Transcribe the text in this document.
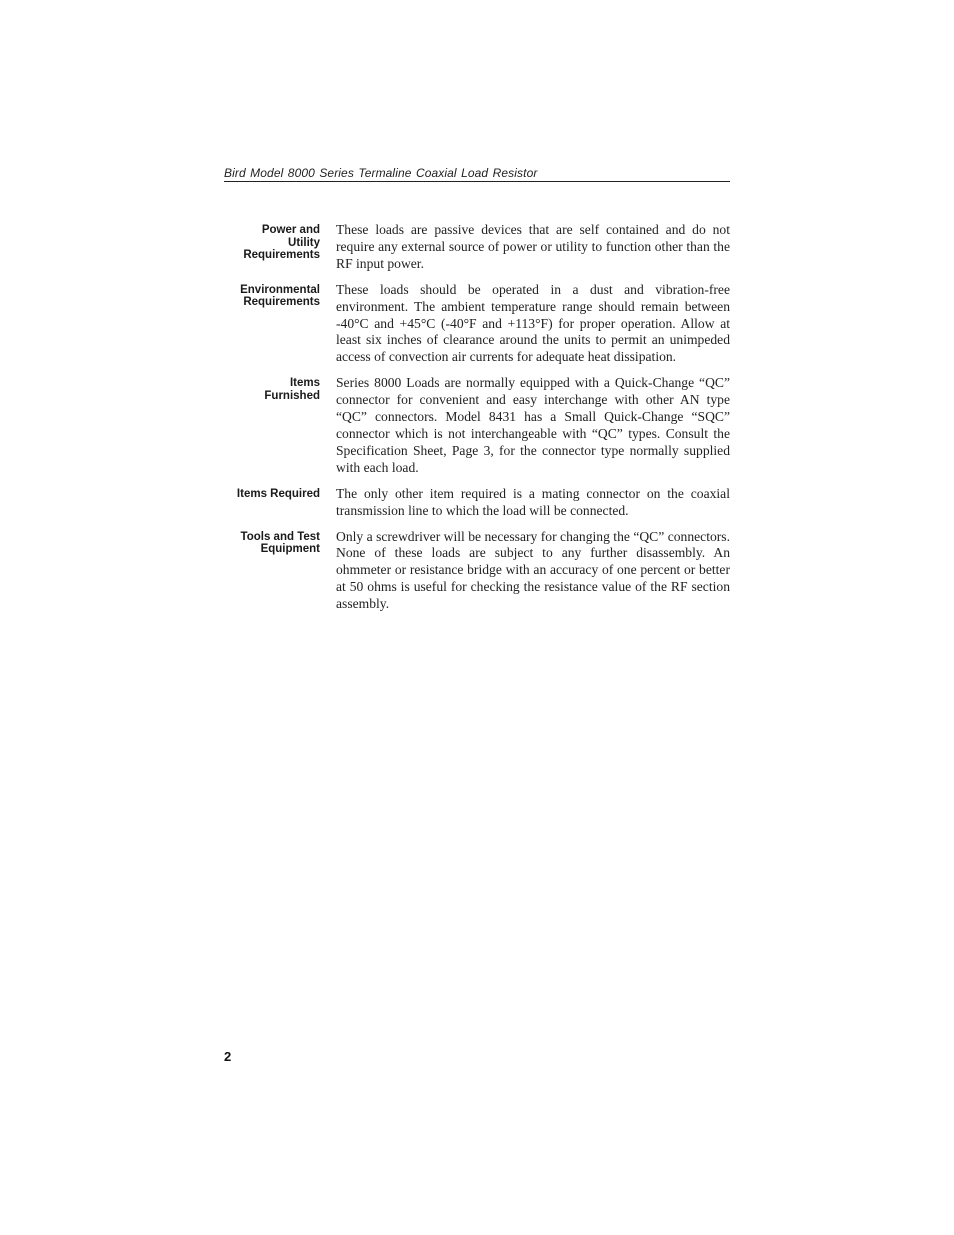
Bird Model 8000 Series Termaline Coaxial Load Resistor
Power and
Utility
Requirements
These loads are passive devices that are self contained and do not require any external source of power or utility to function other than the RF input power.
Environmental
Requirements
These loads should be operated in a dust and vibration-free environment. The ambient temperature range should remain between -40°C and +45°C (-40°F and +113°F) for proper operation. Allow at least six inches of clearance around the units to permit an unimpeded access of convection air currents for adequate heat dissipation.
Items
Furnished
Series 8000 Loads are normally equipped with a Quick-Change “QC” connector for convenient and easy interchange with other AN type “QC” connectors. Model 8431 has a Small Quick-Change “SQC” connector which is not interchangeable with “QC” types. Consult the Specification Sheet, Page 3, for the connector type normally supplied with each load.
Items Required The only other item required is a mating connector on the coaxial transmission line to which the load will be connected.
Tools and Test
Equipment
Only a screwdriver will be necessary for changing the “QC” connectors. None of these loads are subject to any further disassembly. An ohmmeter or resistance bridge with an accuracy of one percent or better at 50 ohms is useful for checking the resistance value of the RF section assembly.
2
